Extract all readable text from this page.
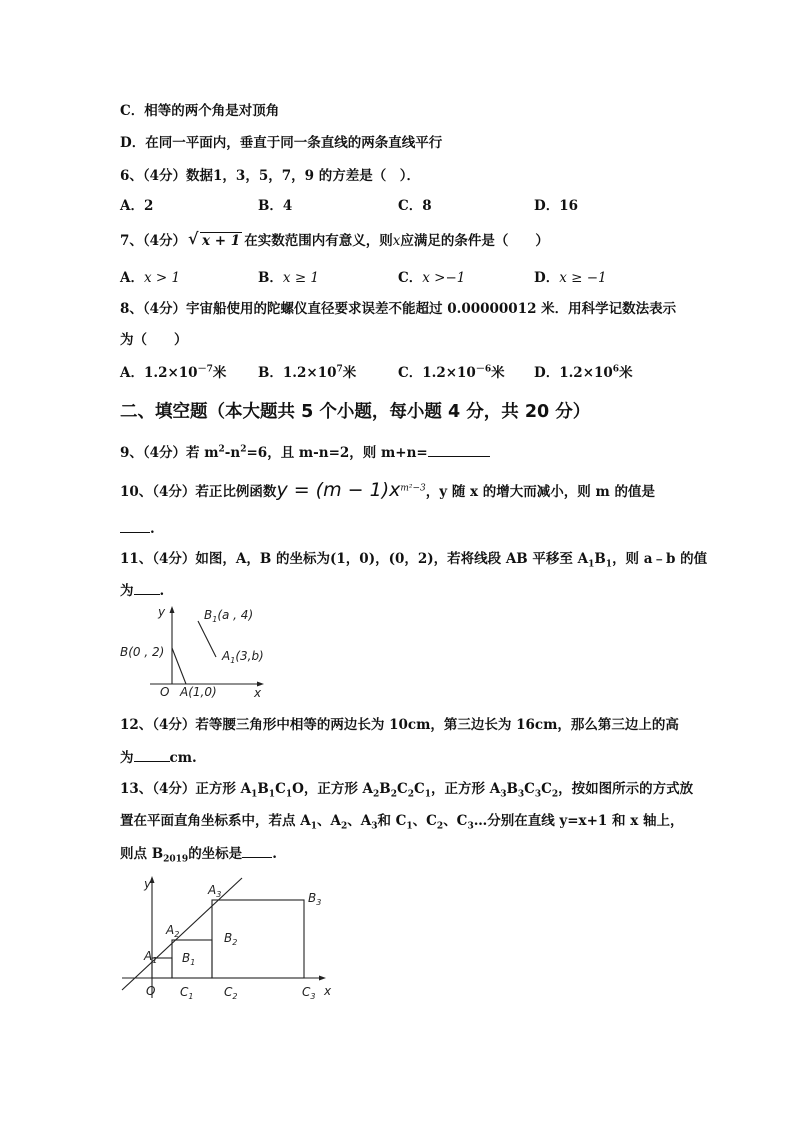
C．相等的两个角是对顶角
D．在同一平面内，垂直于同一条直线的两条直线平行
6、（4分）数据1，3，5，7，9 的方差是（　）．
A．2	B．4	C．8	D．16
7、（4分） √ x + 1 在实数范围内有意义，则x应满足的条件是（　　）
A．x > 1	B．x ≥ 1	C．x >−1	D．x ≥ −1
8、（4分）宇宙船使用的陀螺仪直径要求误差不能超过 0.00000012 米．用科学记数法表示
为（　　）
A．$1.2\times 10^{-7}$米 B．$1.2\times 10^7$米	C．$1.2\times 10^{-6}$米 D．$1.2\times 10^6$米
二、填空题（本大题共 5 个小题，每小题 4 分，共 20 分）
9、（4分）若 $m^2-n^2=6$，且 m-n=2，则 m+n=
10、（4分）若正比例函数$y = (m - 1)x^{m^2-3}$，y 随 x 的增大而减小，则 m 的值是
.
11、（4分）如图，A，B 的坐标为(1，0)，(0，2)，若将线段 AB 平移至 $A_1B_1$，则 a﹣b 的值
为 .
y
x
O
B(0 , 2)
A(1,0)
$B_1(a$ , 4)
$A_1(3,b)$
12、（4分）若等腰三角形中相等的两边长为 10cm，第三边长为 16cm，那么第三边上的高
为	cm.
13、（4分）正方形 $A_1B_1C_1O$，正方形 $A_2B_2C_2C_1$，正方形 $A_3B_3C_3C_2$，按如图所示的方式放
置在平面直角坐标系中，若点 $A_1$、$A_2$、$A_3$和 $C_1$、$C_2$、$C_3\dots$分别在直线 y=x+1 和 x 轴上，
则点 $B_{2019}$的坐标是 .
y
x
O
$A_1$
$A_2$
$A_3$
$B_1$
$B_2$
$B_3$
$C_1$	$C_2$	$C_3$
